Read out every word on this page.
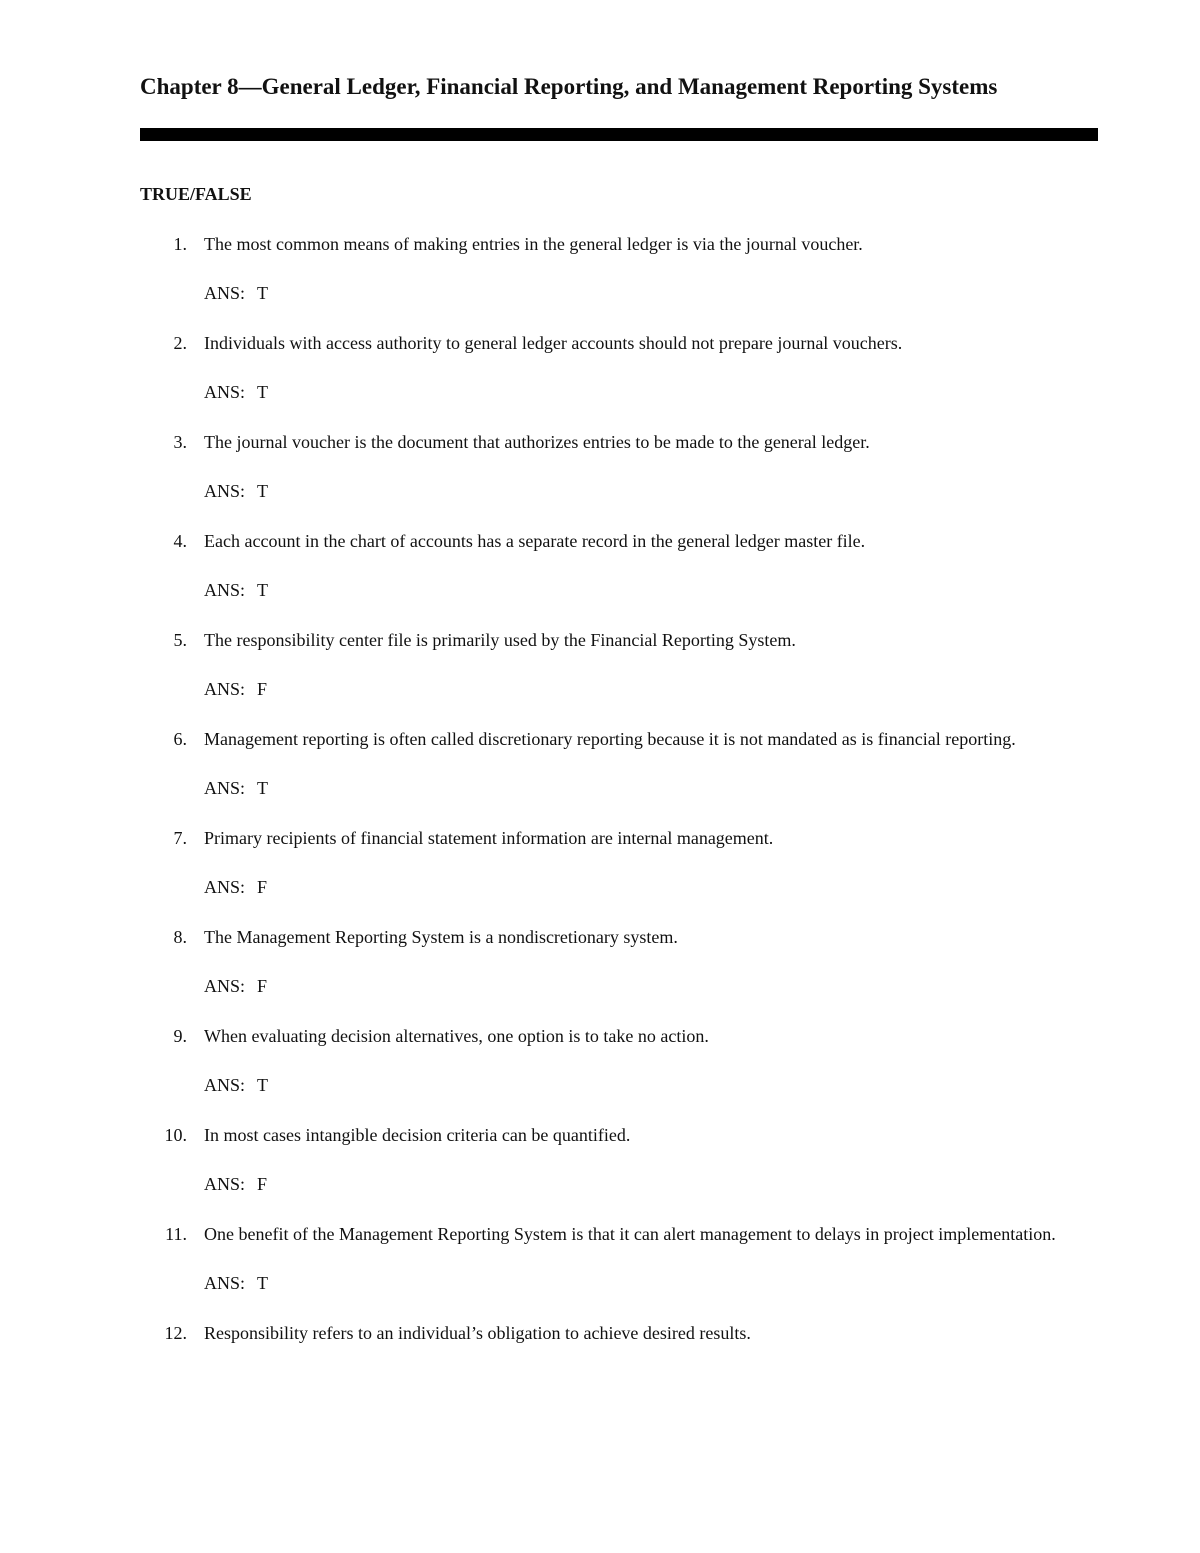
Chapter 8—General Ledger, Financial Reporting, and Management Reporting Systems
TRUE/FALSE
1. The most common means of making entries in the general ledger is via the journal voucher.
ANS: T
2. Individuals with access authority to general ledger accounts should not prepare journal vouchers.
ANS: T
3. The journal voucher is the document that authorizes entries to be made to the general ledger.
ANS: T
4. Each account in the chart of accounts has a separate record in the general ledger master file.
ANS: T
5. The responsibility center file is primarily used by the Financial Reporting System.
ANS: F
6. Management reporting is often called discretionary reporting because it is not mandated as is financial reporting.
ANS: T
7. Primary recipients of financial statement information are internal management.
ANS: F
8. The Management Reporting System is a nondiscretionary system.
ANS: F
9. When evaluating decision alternatives, one option is to take no action.
ANS: T
10. In most cases intangible decision criteria can be quantified.
ANS: F
11. One benefit of the Management Reporting System is that it can alert management to delays in project implementation.
ANS: T
12. Responsibility refers to an individual’s obligation to achieve desired results.
